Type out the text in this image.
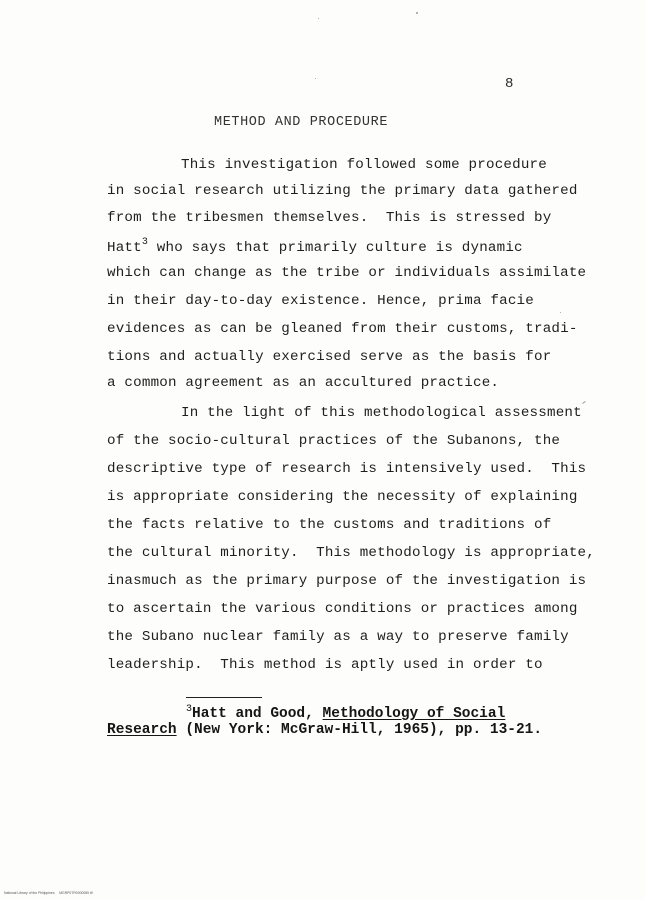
8
METHOD AND PROCEDURE
This investigation followed some procedure
in social research utilizing the primary data gathered
from the tribesmen themselves.  This is stressed by
Hatt$^3$ who says that primarily culture is dynamic
which can change as the tribe or individuals assimilate
in their day-to-day existence. Hence, prima facie
evidences as can be gleaned from their customs, tradi-
tions and actually exercised serve as the basis for
a common agreement as an accultured practice.
In the light of this methodological assessment
of the socio-cultural practices of the Subanons, the
descriptive type of research is intensively used.  This
is appropriate considering the necessity of explaining
the facts relative to the customs and traditions of
the cultural minority.  This methodology is appropriate,
inasmuch as the primary purpose of the investigation is
to ascertain the various conditions or practices among
the Subano nuclear family as a way to preserve family
leadership.  This method is aptly used in order to
$^3$Hatt and Good, Methodology of Social
Research (New York: McGraw-Hill, 1965), pp. 13-21.
National Library of the Philippines MGRP0TR0000089 tif
